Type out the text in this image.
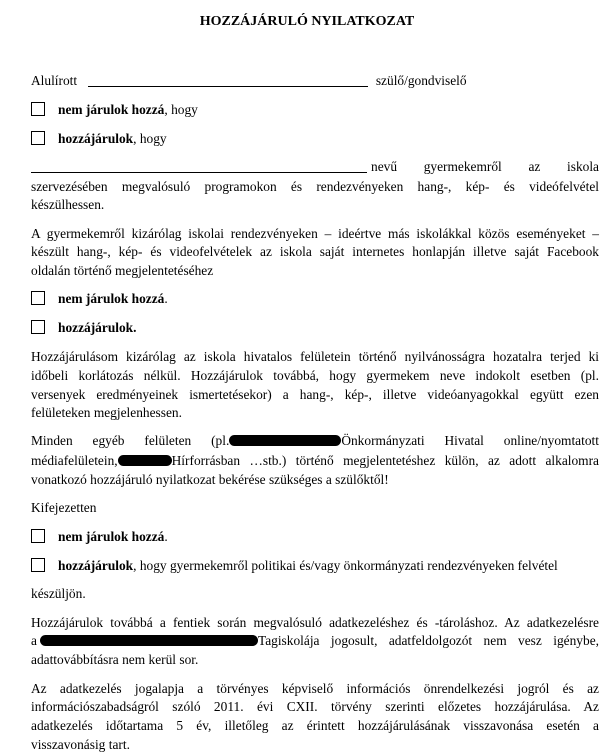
HOZZÁJÁRULÓ NYILATKOZAT
Alulírott	szülő/gondviselő
nem járulok hozzá, hogy
hozzájárulok, hogy
nevű gyermekemről az iskola
szervezésében megvalósuló programokon és rendezvényeken hang-, kép- és videófelvétel
készülhessen.
A gyermekemről kizárólag iskolai rendezvényeken – ideértve más iskolákkal közös eseményeket –
készült hang-, kép- és videofelvételek az iskola saját internetes honlapján illetve saját Facebook
oldalán történő megjelentetéséhez
nem járulok hozzá.
hozzájárulok.
Hozzájárulásom kizárólag az iskola hivatalos felületein történő nyilvánosságra hozatalra terjed ki
időbeli korlátozás nélkül. Hozzájárulok továbbá, hogy gyermekem neve indokolt esetben (pl.
versenyek eredményeinek ismertetésekor) a hang-, kép-, illetve videóanyagokkal együtt ezen
felületeken megjelenhessen.
Minden egyéb felületen (pl.	Önkormányzati Hivatal online/nyomtatott
médiafelületein,	Hírforrásban …stb.) történő megjelentetéshez külön, az adott alkalomra
vonatkozó hozzájáruló nyilatkozat bekérése szükséges a szülőktől!
Kifejezetten
nem járulok hozzá.
hozzájárulok, hogy gyermekemről politikai és/vagy önkormányzati rendezvényeken felvétel
készüljön.
Hozzájárulok továbbá a fentiek során megvalósuló adatkezeléshez és -tároláshoz. Az adatkezelésre
a	Tagiskolája jogosult, adatfeldolgozót nem vesz igénybe,
adattovábbításra nem kerül sor.
Az adatkezelés jogalapja a törvényes képviselő információs önrendelkezési jogról és az
információszabadságról szóló 2011. évi CXII. törvény szerinti előzetes hozzájárulása. Az
adatkezelés időtartama 5 év, illetőleg az érintett hozzájárulásának visszavonása esetén a
visszavonásig tart.
